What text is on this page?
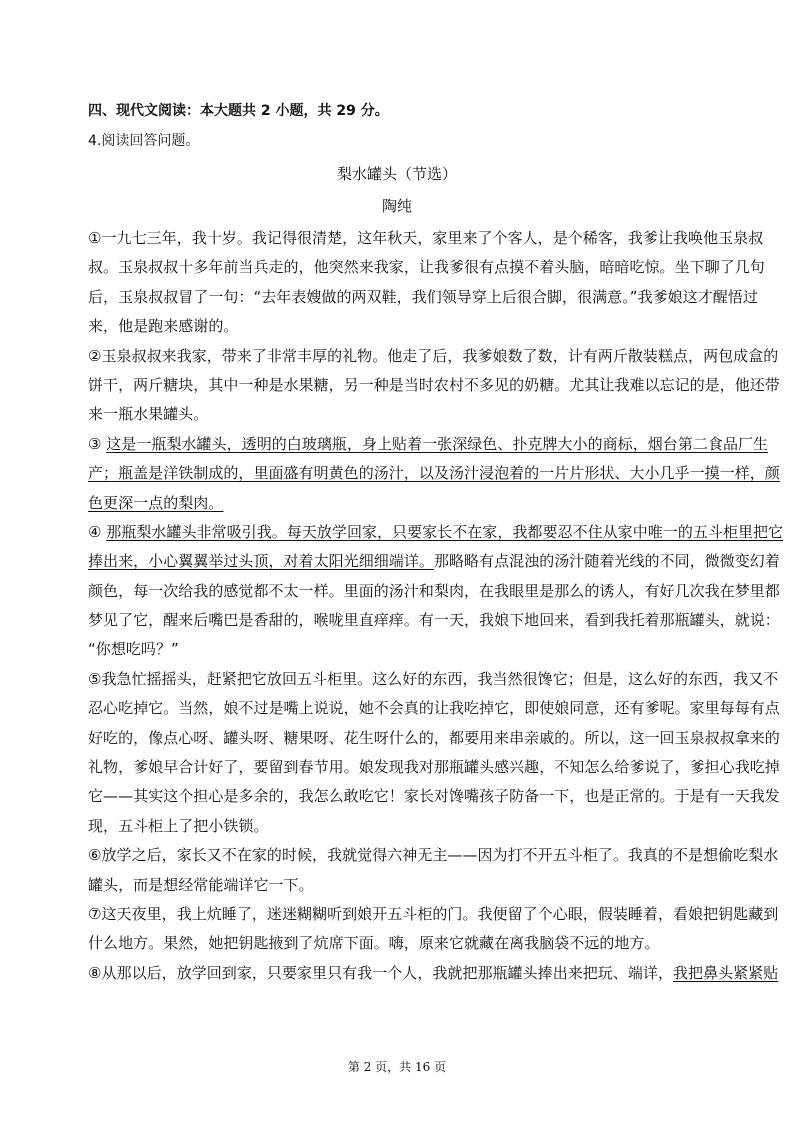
四、现代文阅读：本大题共 2 小题，共 29 分。
4.阅读回答问题。
梨水罐头（节选）
陶纯
①一九七三年，我十岁。我记得很清楚，这年秋天，家里来了个客人，是个稀客，我爹让我唤他玉泉叔
叔。玉泉叔叔十多年前当兵走的，他突然来我家，让我爹很有点摸不着头脑，暗暗吃惊。坐下聊了几句
后，玉泉叔叔冒了一句：“去年表嫂做的两双鞋，我们领导穿上后很合脚，很满意。”我爹娘这才醒悟过
来，他是跑来感谢的。
②玉泉叔叔来我家，带来了非常丰厚的礼物。他走了后，我爹娘数了数，计有两斤散装糕点，两包成盒的
饼干，两斤糖块，其中一种是水果糖，另一种是当时农村不多见的奶糖。尤其让我难以忘记的是，他还带
来一瓶水果罐头。
③ 这是一瓶梨水罐头，透明的白玻璃瓶，身上贴着一张深绿色、扑克牌大小的商标，烟台第二食品厂生
产；瓶盖是洋铁制成的，里面盛有明黄色的汤汁，以及汤汁浸泡着的一片片形状、大小几乎一摸一样，颜
色更深一点的梨肉。
④ 那瓶梨水罐头非常吸引我。每天放学回家，只要家长不在家，我都要忍不住从家中唯一的五斗柜里把它
捧出来，小心翼翼举过头顶，对着太阳光细细端详。那略略有点混浊的汤汁随着光线的不同，微微变幻着
颜色，每一次给我的感觉都不太一样。里面的汤汁和梨肉，在我眼里是那么的诱人，有好几次我在梦里都
梦见了它，醒来后嘴巴是香甜的，喉咙里直痒痒。有一天，我娘下地回来，看到我托着那瓶罐头，就说：
“你想吃吗？”
⑤我急忙摇摇头，赶紧把它放回五斗柜里。这么好的东西，我当然很馋它；但是，这么好的东西，我又不
忍心吃掉它。当然，娘不过是嘴上说说，她不会真的让我吃掉它，即使娘同意，还有爹呢。家里每每有点
好吃的，像点心呀、罐头呀、糖果呀、花生呀什么的，都要用来串亲戚的。所以，这一回玉泉叔叔拿来的
礼物，爹娘早合计好了，要留到春节用。娘发现我对那瓶罐头感兴趣，不知怎么给爹说了，爹担心我吃掉
它——其实这个担心是多余的，我怎么敢吃它！家长对馋嘴孩子防备一下，也是正常的。于是有一天我发
现，五斗柜上了把小铁锁。
⑥放学之后，家长又不在家的时候，我就觉得六神无主——因为打不开五斗柜了。我真的不是想偷吃梨水
罐头，而是想经常能端详它一下。
⑦这天夜里，我上炕睡了，迷迷糊糊听到娘开五斗柜的门。我便留了个心眼，假装睡着，看娘把钥匙藏到
什么地方。果然，她把钥匙掖到了炕席下面。嗨，原来它就藏在离我脑袋不远的地方。
⑧从那以后，放学回到家，只要家里只有我一个人，我就把那瓶罐头捧出来把玩、端详，我把鼻头紧紧贴
第 2 页，共 16 页
